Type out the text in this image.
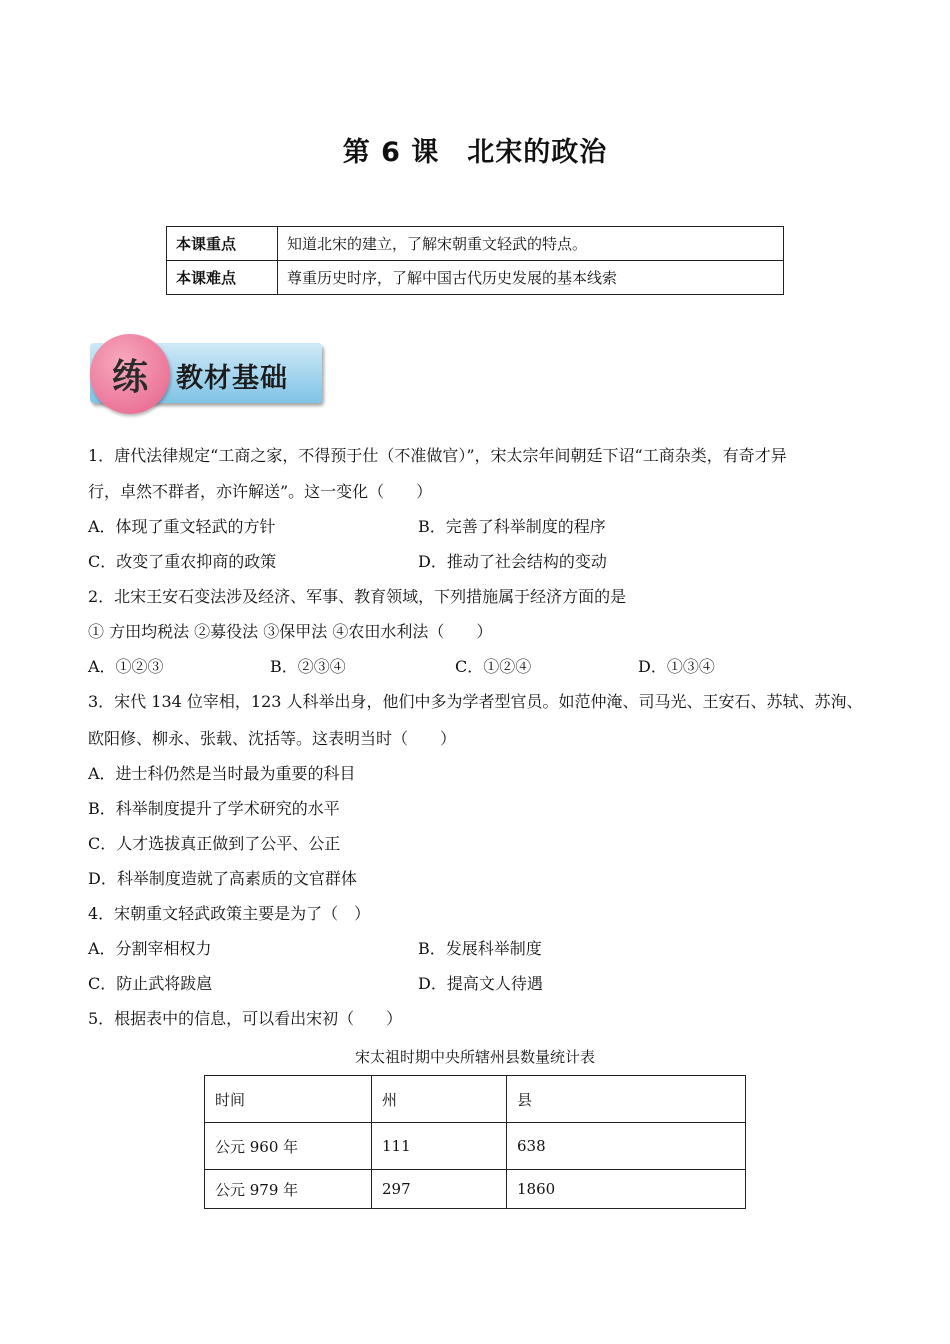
第 6 课　北宋的政治
本课重点	知道北宋的建立，了解宋朝重文轻武的特点。
本课难点	尊重历史时序，了解中国古代历史发展的基本线索
练	教材基础
1．唐代法律规定“工商之家，不得预于仕（不准做官）”，宋太宗年间朝廷下诏“工商杂类，有奇才异
行，卓然不群者，亦许解送”。这一变化（　　）
A．体现了重文轻武的方针	B．完善了科举制度的程序
C．改变了重农抑商的政策	D．推动了社会结构的变动
2．北宋王安石变法涉及经济、军事、教育领域，下列措施属于经济方面的是
① 方田均税法 ②募役法 ③保甲法 ④农田水利法（　　）
A．①②③	B．②③④	C．①②④	D．①③④
3．宋代 134 位宰相，123 人科举出身，他们中多为学者型官员。如范仲淹、司马光、王安石、苏轼、苏洵、
欧阳修、柳永、张载、沈括等。这表明当时（　　）
A．进士科仍然是当时最为重要的科目
B．科举制度提升了学术研究的水平
C．人才选拔真正做到了公平、公正
D．科举制度造就了高素质的文官群体
4．宋朝重文轻武政策主要是为了（　）
A．分割宰相权力	B．发展科举制度
C．防止武将跋扈	D．提高文人待遇
5．根据表中的信息，可以看出宋初（　　）
宋太祖时期中央所辖州县数量统计表
时间	州	县
公元 960 年	111	638
公元 979 年	297	1860
